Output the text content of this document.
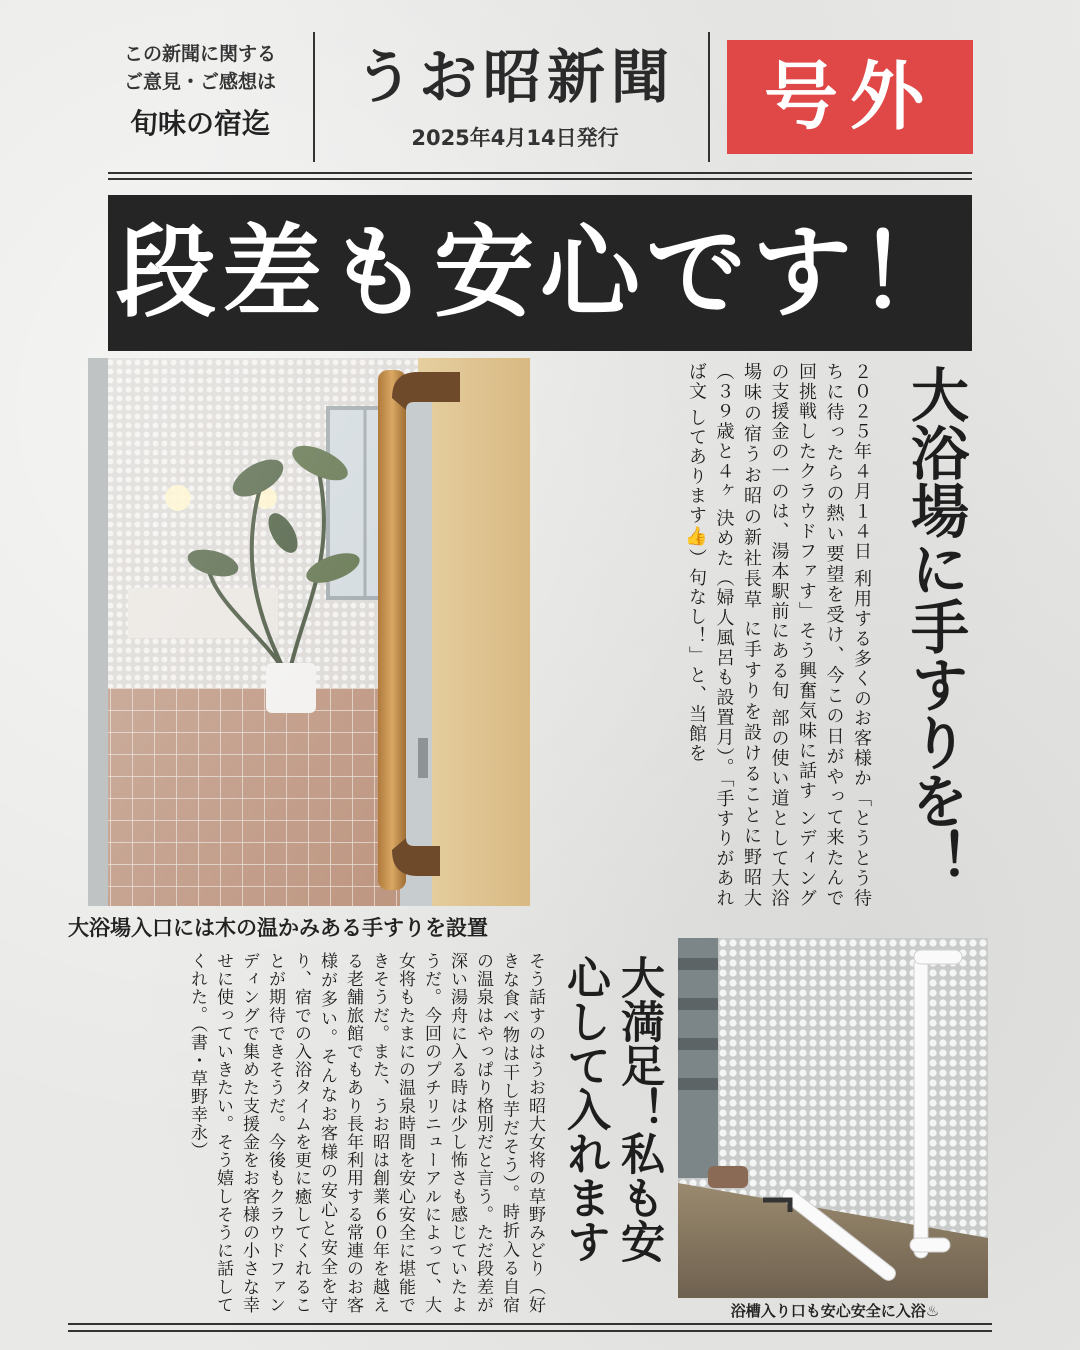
この新聞に関する
ご意見・ご感想は
旬味の宿迄
うお昭新聞
2025年4月14日発行	号外
段差も安心です！
大浴場入口には木の温かみある手すりを設置
大浴場に手すりを！
２０２５年４月１４日 利用する多くのお客様か「とうとう待ちに待ったらの熱い要望を受け、今この日がやって来たんで 回挑戦したクラウドファす」そう興奮気味に話す ンディングの支援金の一のは、湯本駅前にある旬 部の使い道として大浴場味の宿うお昭の新社長草 に手すりを設けることに野昭大（３９歳と４ヶ 決めた（婦人風呂も設置月）。「手すりがあれば文 してあります👍）句なし！」と、当館を
浴槽入り口も安心安全に入浴♨
大満足！私も安心して入れます
そう話すのはうお昭大女将の草野みどり（好きな食べ物は干し芋だそう）。時折入る自宿の温泉はやっぱり格別だと言う。ただ段差が深い湯舟に入る時は少し怖さも感じていたようだ。今回のプチリニューアルによって、大女将もたまにの温泉時間を安心安全に堪能できそうだ。また、うお昭は創業６０年を越える老舗旅館でもあり長年利用する常連のお客様が多い。そんなお客様の安心と安全を守り、宿での入浴タイムを更に癒してくれることが期待できそうだ。今後もクラウドファンディングで集めた支援金をお客様の小さな幸せに使っていきたい。そう嬉しそうに話してくれた。（書・草野幸永）
